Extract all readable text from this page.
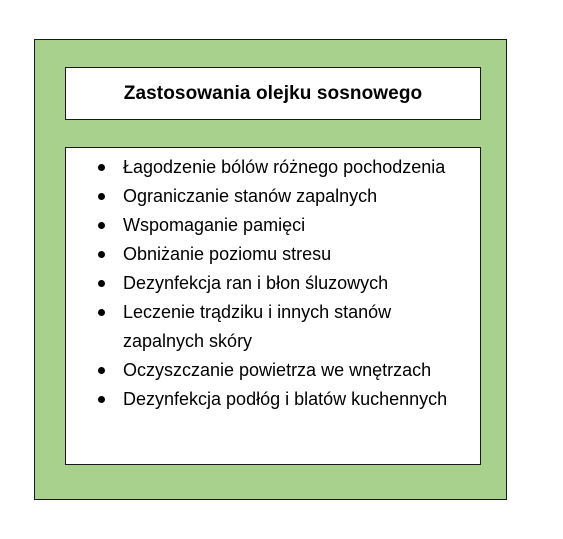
Zastosowania olejku sosnowego
Łagodzenie bólów różnego pochodzenia
Ograniczanie stanów zapalnych
Wspomaganie pamięci
Obniżanie poziomu stresu
Dezynfekcja ran i błon śluzowych
Leczenie trądziku i innych stanów zapalnych skóry
Oczyszczanie powietrza we wnętrzach
Dezynfekcja podłóg i blatów kuchennych
